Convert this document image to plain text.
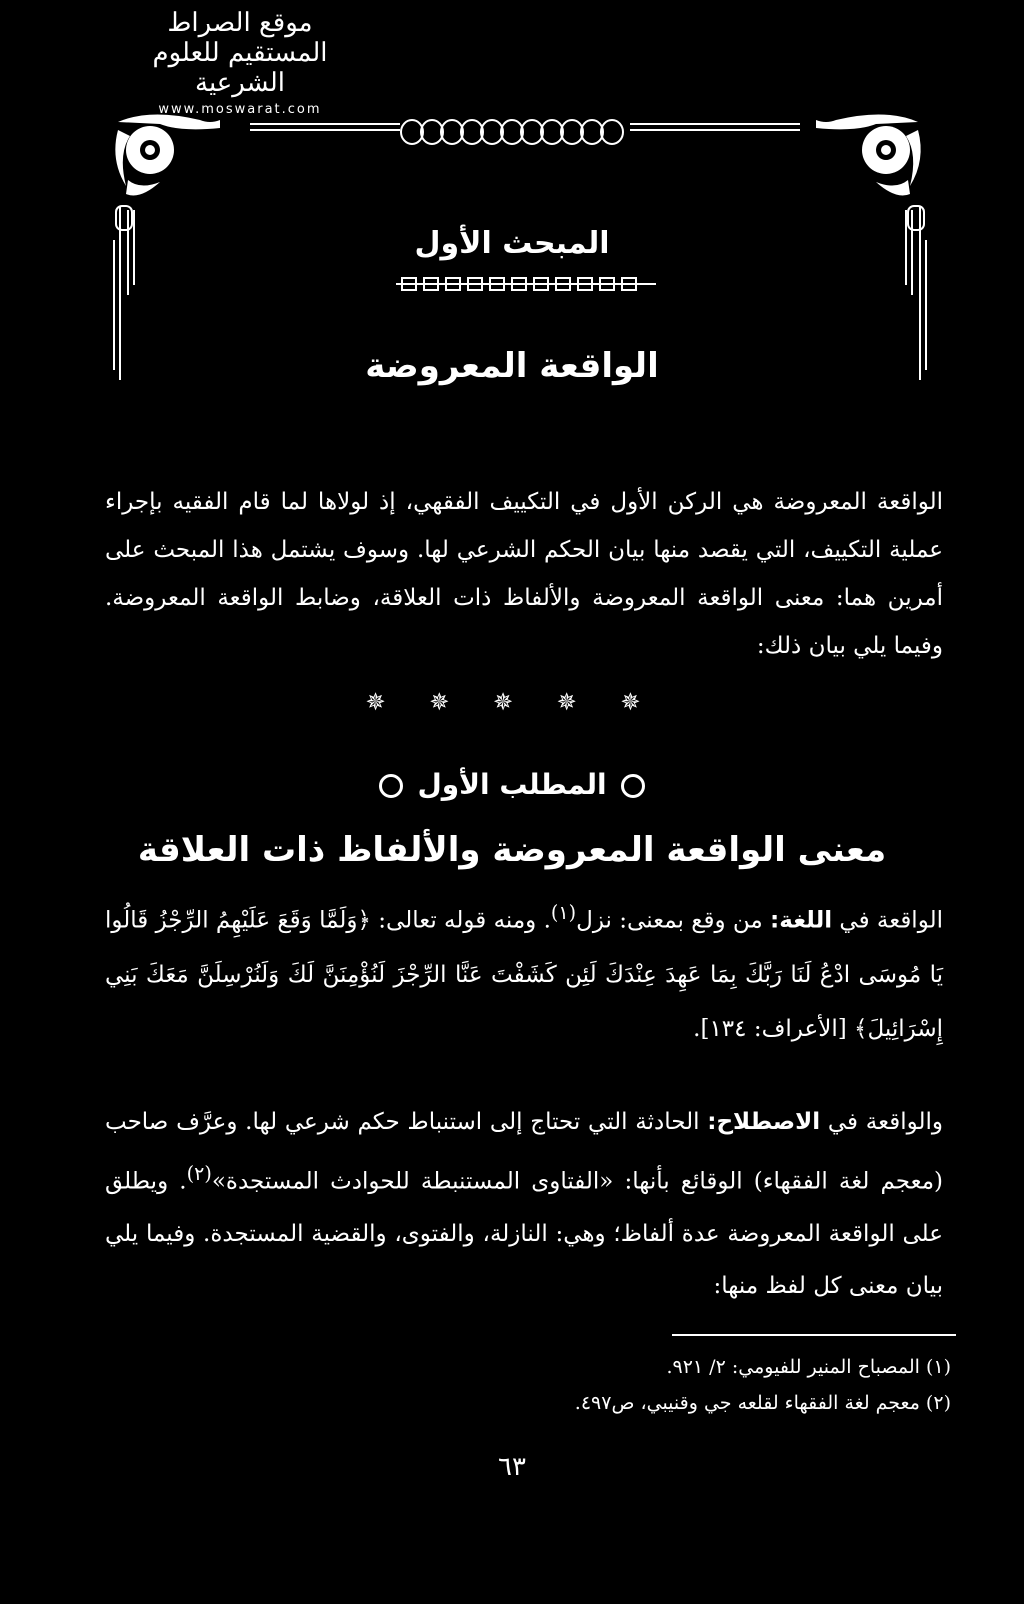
موقع الصراط المستقيم للعلوم الشرعية
www.moswarat.com
المبحث الأول
الواقعة المعروضة
الواقعة المعروضة هي الركن الأول في التكييف الفقهي، إذ لولاها لما قام الفقيه بإجراء عملية التكييف، التي يقصد منها بيان الحكم الشرعي لها. وسوف يشتمل هذا المبحث على أمرين هما: معنى الواقعة المعروضة والألفاظ ذات العلاقة، وضابط الواقعة المعروضة. وفيما يلي بيان ذلك:
✵ ✵ ✵ ✵ ✵
المطلب الأول
معنى الواقعة المعروضة والألفاظ ذات العلاقة
الواقعة في اللغة: من وقع بمعنى: نزل$^{(١)}$. ومنه قوله تعالى: ﴿وَلَمَّا وَقَعَ عَلَيْهِمُ الرِّجْزُ قَالُوا يَا مُوسَى ادْعُ لَنَا رَبَّكَ بِمَا عَهِدَ عِنْدَكَ لَئِن كَشَفْتَ عَنَّا الرِّجْزَ لَنُؤْمِنَنَّ لَكَ وَلَنُرْسِلَنَّ مَعَكَ بَنِي إِسْرَائِيلَ﴾ [الأعراف: ١٣٤].
والواقعة في الاصطلاح: الحادثة التي تحتاج إلى استنباط حكم شرعي لها. وعرَّف صاحب (معجم لغة الفقهاء) الوقائع بأنها: «الفتاوى المستنبطة للحوادث المستجدة»$^{(٢)}$. ويطلق على الواقعة المعروضة عدة ألفاظ؛ وهي: النازلة، والفتوى، والقضية المستجدة. وفيما يلي بيان معنى كل لفظ منها:
(١) المصباح المنير للفيومي: ٢/ ٩٢١.
(٢) معجم لغة الفقهاء لقلعه جي وقنيبي، ص٤٩٧.
٦٣
